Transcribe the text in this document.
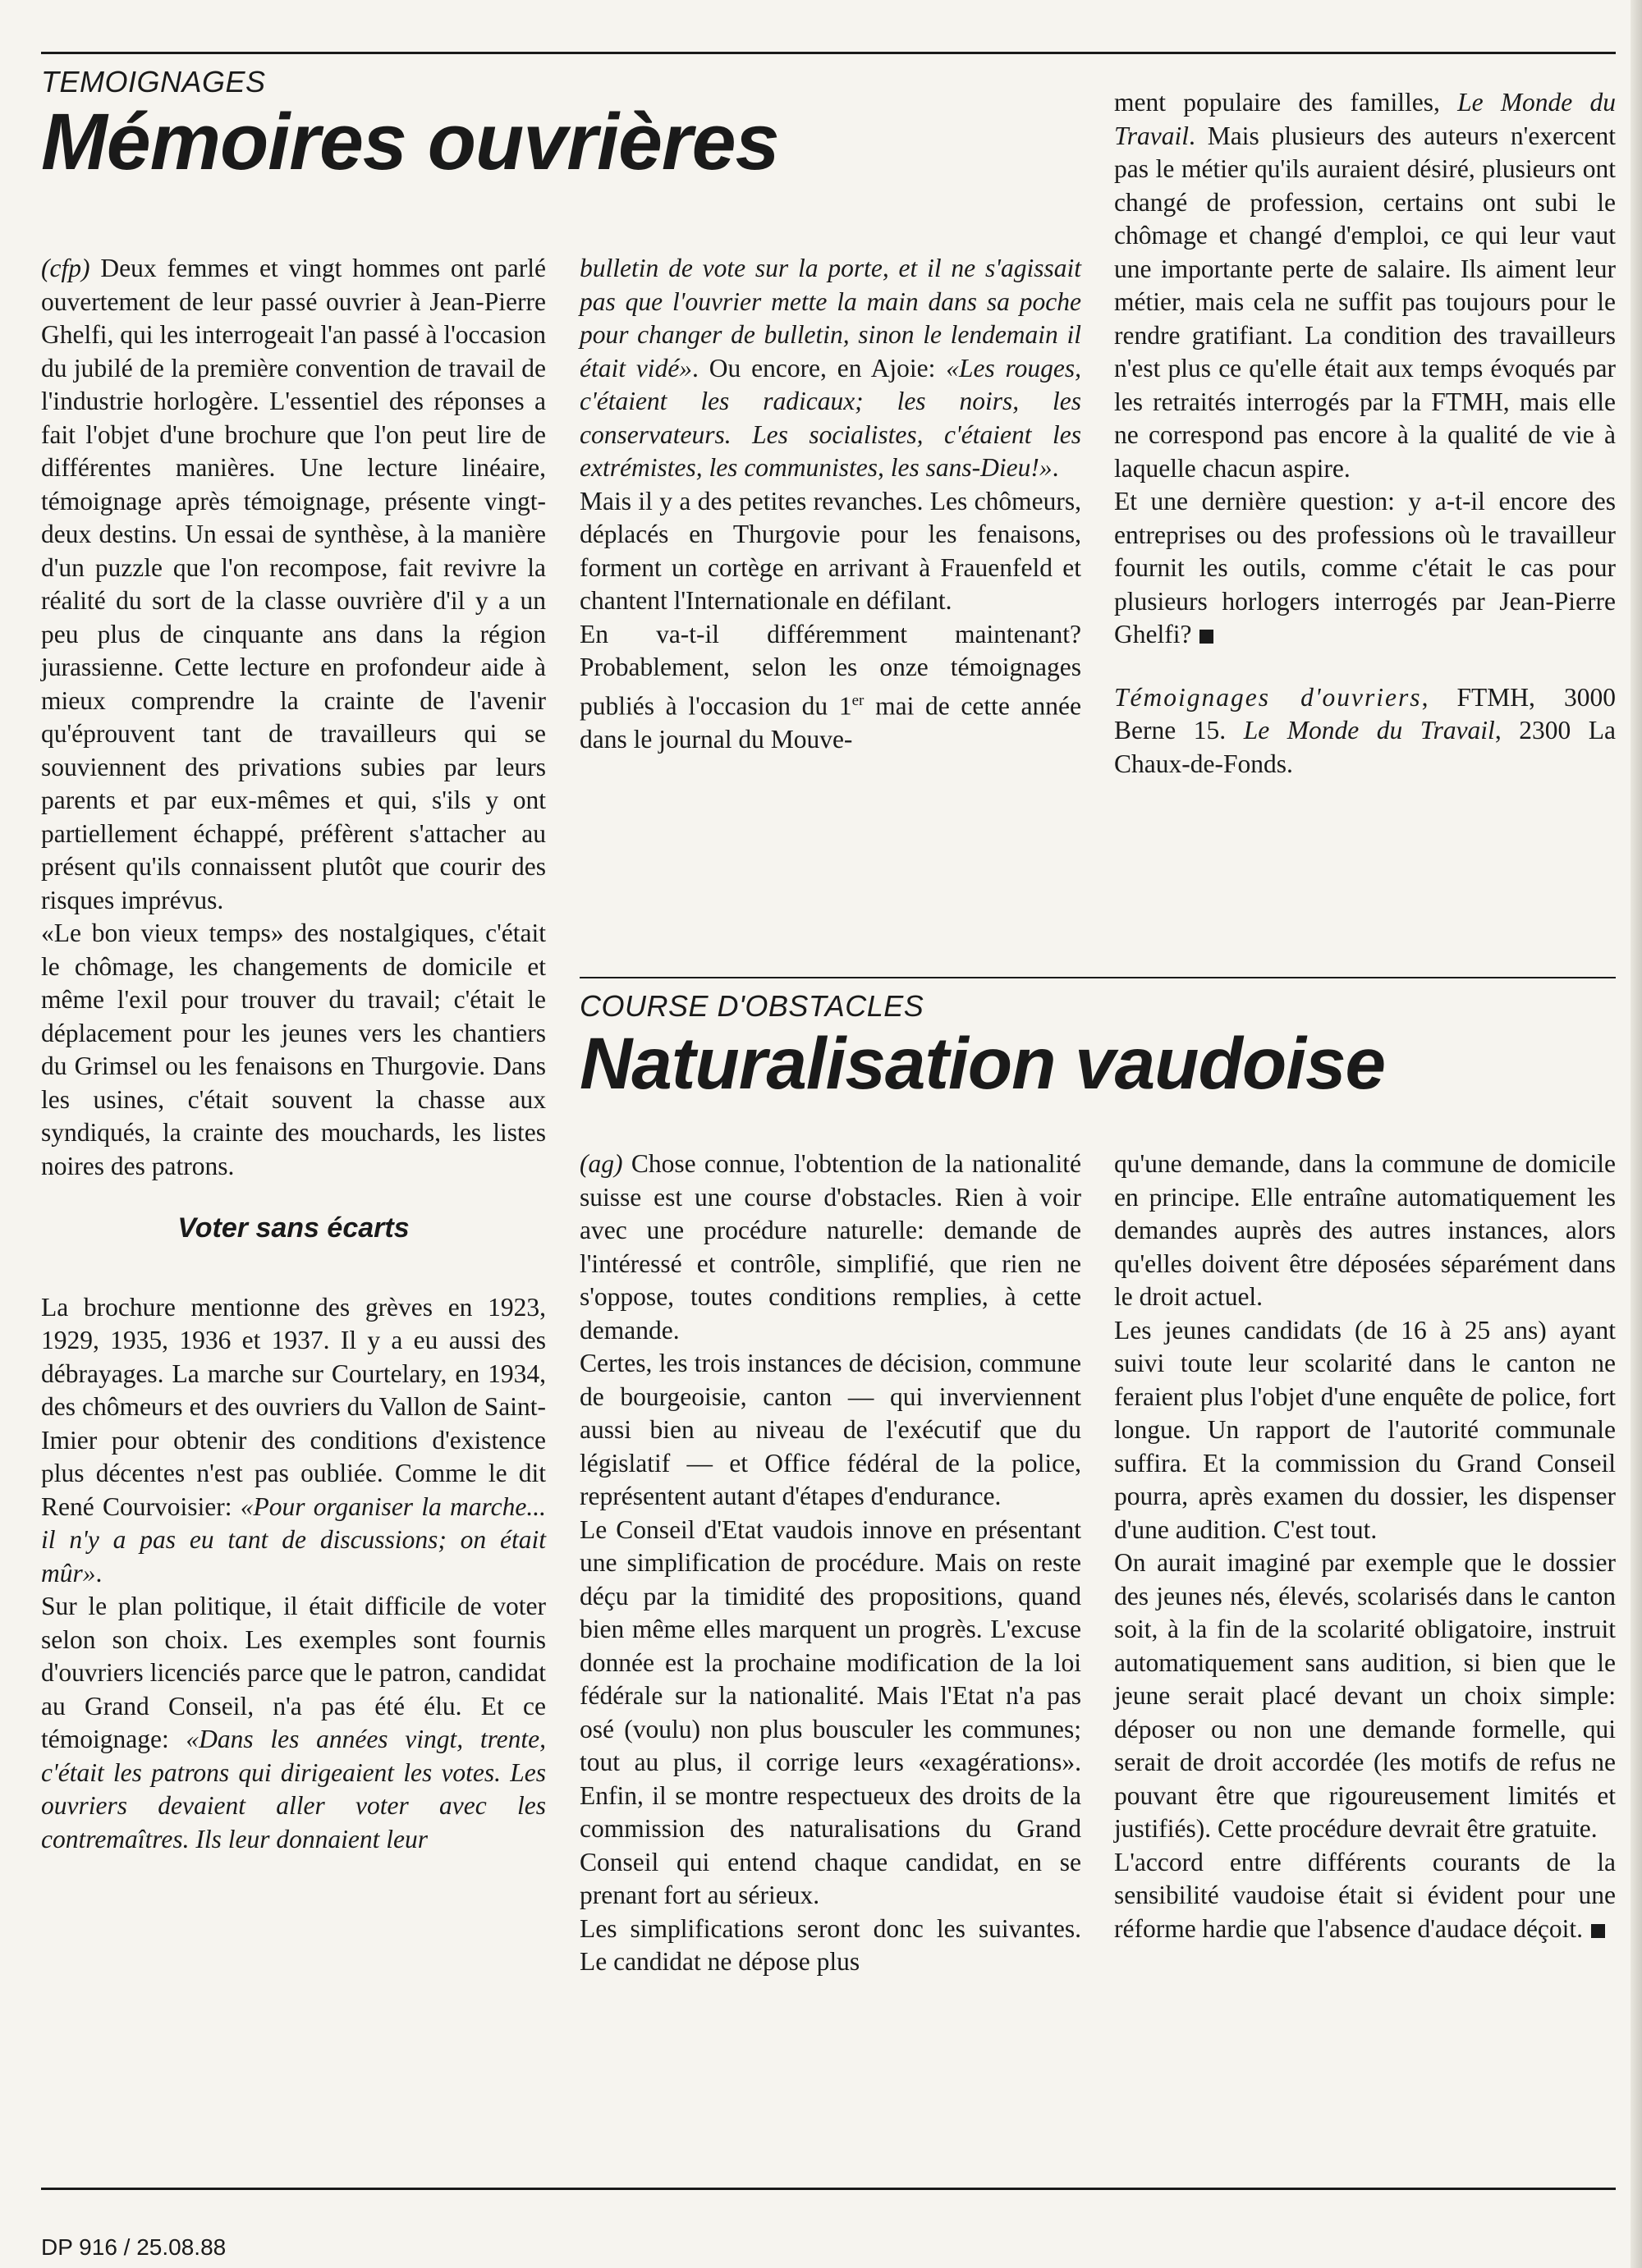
TEMOIGNAGES
Mémoires ouvrières

(cfp) Deux femmes et vingt hommes ont parlé ouvertement de leur passé ouvrier à Jean-Pierre Ghelfi, qui les interrogeait l'an passé à l'occasion du jubilé de la première convention de travail de l'industrie horlogère. L'essentiel des réponses a fait l'objet d'une brochure que l'on peut lire de différentes manières. Une lecture linéaire, témoignage après témoignage, présente vingt-deux destins. Un essai de synthèse, à la manière d'un puzzle que l'on recompose, fait revivre la réalité du sort de la classe ouvrière d'il y a un peu plus de cinquante ans dans la région jurassienne. Cette lecture en profondeur aide à mieux comprendre la crainte de l'avenir qu'éprouvent tant de travailleurs qui se souviennent des privations subies par leurs parents et par eux-mêmes et qui, s'ils y ont partiellement échappé, préfèrent s'attacher au présent qu'ils connaissent plutôt que courir des risques imprévus.

«Le bon vieux temps» des nostalgiques, c'était le chômage, les changements de domicile et même l'exil pour trouver du travail; c'était le déplacement pour les jeunes vers les chantiers du Grimsel ou les fenaisons en Thurgovie. Dans les usines, c'était souvent la chasse aux syndiqués, la crainte des mouchards, les listes noires des patrons.

Voter sans écarts

La brochure mentionne des grèves en 1923, 1929, 1935, 1936 et 1937. Il y a eu aussi des débrayages. La marche sur Courtelary, en 1934, des chômeurs et des ouvriers du Vallon de Saint-Imier pour obtenir des conditions d'existence plus décentes n'est pas oubliée. Comme le dit René Courvoisier: «Pour organiser la marche... il n'y a pas eu tant de discussions; on était mûr».

Sur le plan politique, il était difficile de voter selon son choix. Les exemples sont fournis d'ouvriers licenciés parce que le patron, candidat au Grand Conseil, n'a pas été élu. Et ce témoignage: «Dans les années vingt, trente, c'était les patrons qui dirigeaient les votes. Les ouvriers devaient aller voter avec les contremaîtres. Ils leur donnaient leur

bulletin de vote sur la porte, et il ne s'agissait pas que l'ouvrier mette la main dans sa poche pour changer de bulletin, sinon le lendemain il était vidé». Ou encore, en Ajoie: «Les rouges, c'étaient les radicaux; les noirs, les conservateurs. Les socialistes, c'étaient les extrémistes, les communistes, les sans-Dieu!».

Mais il y a des petites revanches. Les chômeurs, déplacés en Thurgovie pour les fenaisons, forment un cortège en arrivant à Frauenfeld et chantent l'Internationale en défilant.

En va-t-il différemment maintenant? Probablement, selon les onze témoignages publiés à l'occasion du 1er mai de cette année dans le journal du Mouve-

ment populaire des familles, Le Monde du Travail. Mais plusieurs des auteurs n'exercent pas le métier qu'ils auraient désiré, plusieurs ont changé de profession, certains ont subi le chômage et changé d'emploi, ce qui leur vaut une importante perte de salaire. Ils aiment leur métier, mais cela ne suffit pas toujours pour le rendre gratifiant. La condition des travailleurs n'est plus ce qu'elle était aux temps évoqués par les retraités interrogés par la FTMH, mais elle ne correspond pas encore à la qualité de vie à laquelle chacun aspire.

Et une dernière question: y a-t-il encore des entreprises ou des professions où le travailleur fournit les outils, comme c'était le cas pour plusieurs horlogers interrogés par Jean-Pierre Ghelfi?

Témoignages d'ouvriers, FTMH, 3000 Berne 15. Le Monde du Travail, 2300 La Chaux-de-Fonds.

COURSE D'OBSTACLES
Naturalisation vaudoise

(ag) Chose connue, l'obtention de la nationalité suisse est une course d'obstacles. Rien à voir avec une procédure naturelle: demande de l'intéressé et contrôle, simplifié, que rien ne s'oppose, toutes conditions remplies, à cette demande.

Certes, les trois instances de décision, commune de bourgeoisie, canton — qui inverviennent aussi bien au niveau de l'exécutif que du législatif — et Office fédéral de la police, représentent autant d'étapes d'endurance.

Le Conseil d'Etat vaudois innove en présentant une simplification de procédure. Mais on reste déçu par la timidité des propositions, quand bien même elles marquent un progrès. L'excuse donnée est la prochaine modification de la loi fédérale sur la nationalité. Mais l'Etat n'a pas osé (voulu) non plus bousculer les communes; tout au plus, il corrige leurs «exagérations». Enfin, il se montre respectueux des droits de la commission des naturalisations du Grand Conseil qui entend chaque candidat, en se prenant fort au sérieux.

Les simplifications seront donc les suivantes. Le candidat ne dépose plus

qu'une demande, dans la commune de domicile en principe. Elle entraîne automatiquement les demandes auprès des autres instances, alors qu'elles doivent être déposées séparément dans le droit actuel.

Les jeunes candidats (de 16 à 25 ans) ayant suivi toute leur scolarité dans le canton ne feraient plus l'objet d'une enquête de police, fort longue. Un rapport de l'autorité communale suffira. Et la commission du Grand Conseil pourra, après examen du dossier, les dispenser d'une audition. C'est tout.

On aurait imaginé par exemple que le dossier des jeunes nés, élevés, scolarisés dans le canton soit, à la fin de la scolarité obligatoire, instruit automatiquement sans audition, si bien que le jeune serait placé devant un choix simple: déposer ou non une demande formelle, qui serait de droit accordée (les motifs de refus ne pouvant être que rigoureusement limités et justifiés). Cette procédure devrait être gratuite.

L'accord entre différents courants de la sensibilité vaudoise était si évident pour une réforme hardie que l'absence d'audace déçoit.

DP 916 / 25.08.88
